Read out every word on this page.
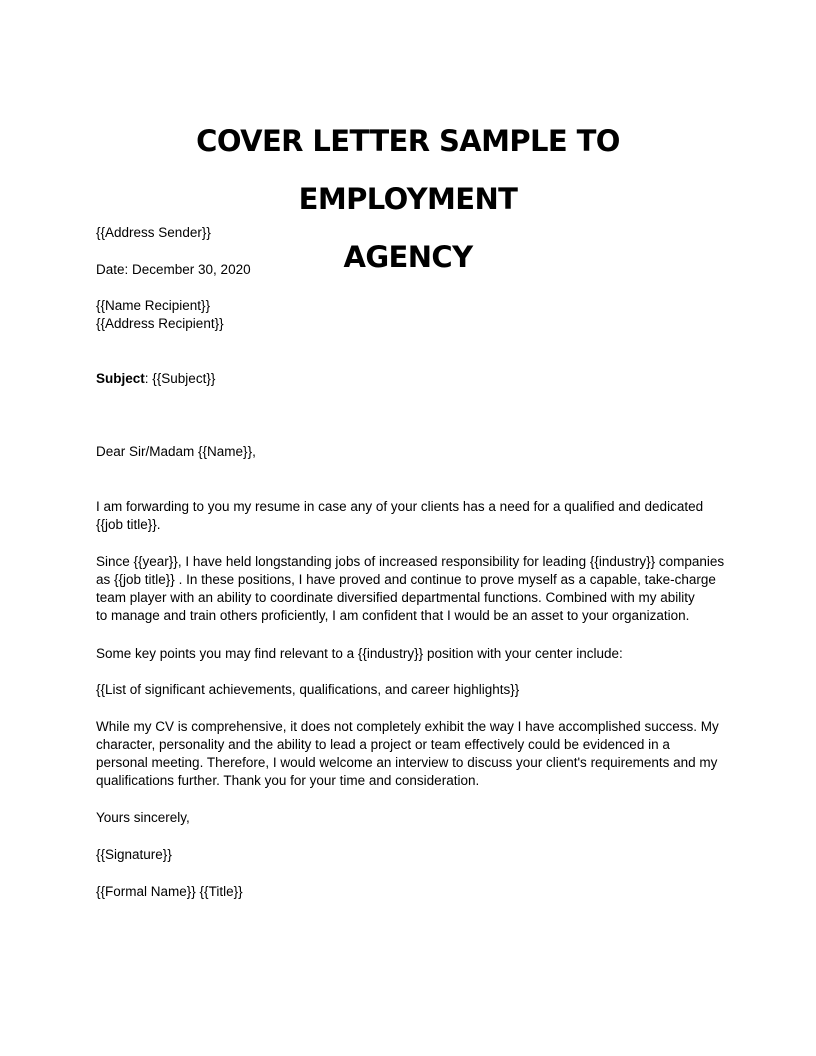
COVER LETTER SAMPLE TO EMPLOYMENT
AGENCY

{{Address Sender}}

Date: December 30, 2020

{{Name Recipient}}
{{Address Recipient}}

Subject: {{Subject}}

Dear Sir/Madam {{Name}},

I am forwarding to you my resume in case any of your clients has a need for a qualified and dedicated
{{job title}}.
Since {{year}}, I have held longstanding jobs of increased responsibility for leading {{industry}} companies
as {{job title}} . In these positions, I have proved and continue to prove myself as a capable, take-charge
team player with an ability to coordinate diversified departmental functions. Combined with my ability
to manage and train others proficiently, I am confident that I would be an asset to your organization.

Some key points you may find relevant to a {{industry}} position with your center include:

{{List of significant achievements, qualifications, and career highlights}}

While my CV is comprehensive, it does not completely exhibit the way I have accomplished success. My
character, personality and the ability to lead a project or team effectively could be evidenced in a
personal meeting. Therefore, I would welcome an interview to discuss your client's requirements and my
qualifications further. Thank you for your time and consideration.

Yours sincerely,

{{Signature}}

{{Formal Name}} {{Title}}
